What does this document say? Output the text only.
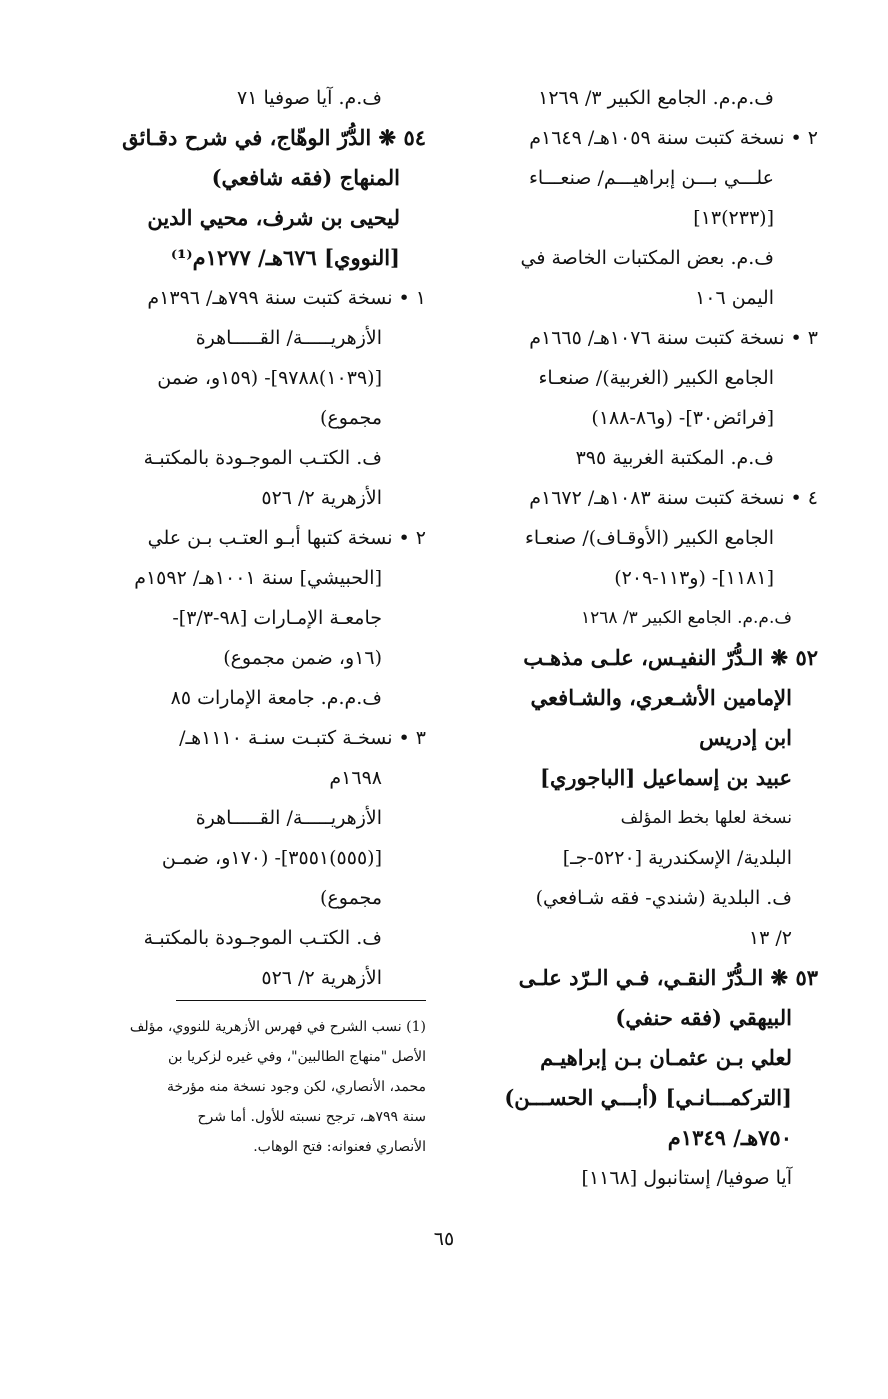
ف.م.م. الجامع الكبير ٣/ ١٢٦٩
٢ • نسخة كتبت سنة ١٠٥٩هـ/ ١٦٤٩م
علـــي بـــن إبراهيـــم/ صنعـــاء
[(٢٣٣)١٣]
ف.م. بعض المكتبات الخاصة في
اليمن ١٠٦
٣ • نسخة كتبت سنة ١٠٧٦هـ/ ١٦٦٥م
الجامع الكبير (الغربية)/ صنعـاء
[فرائض٣٠]- (و٨٦-١٨٨)
ف.م. المكتبة الغربية ٣٩٥
٤ • نسخة كتبت سنة ١٠٨٣هـ/ ١٦٧٢م
الجامع الكبير (الأوقـاف)/ صنعـاء
[١١٨١]- (و١١٣-٢٠٩)
ف.م.م. الجامع الكبير ٣/ ١٢٦٨
٥٢ ❋ الـدُّرّ النفيـس، علـى مذهـب
الإمامين الأشـعري، والشـافعي
ابن إدريس
عبيد بن إسماعيل [الباجوري]
نسخة لعلها بخط المؤلف
البلدية/ الإسكندرية [٥٢٢٠-جـ]
ف. البلدية (شندي- فقه شـافعي)
٢/ ١٣
٥٣ ❋ الـدُّرّ النقـي، فـي الـرّد علـى
البيهقي (فقه حنفي)
لعلي بـن عثمـان بـن إبراهيـم
[التركمـــانـي] (أبـــي الحســـن)
٧٥٠هـ/ ١٣٤٩م
آيا صوفيا/ إستانبول [١١٦٨]
ف.م. آيا صوفيا ٧١
٥٤ ❋ الدُّرّ الوهّاج، في شرح دقـائق
المنهاج (فقه شافعي)
ليحيى بن شرف، محيي الدين
[النووي] ٦٧٦هـ/ ١٢٧٧م⁽¹⁾
١ • نسخة كتبت سنة ٧٩٩هـ/ ١٣٩٦م
الأزهريـــــة/ القـــــاهرة
[(١٠٣٩)٩٧٨٨]- (١٥٩و، ضمن
مجموع)
ف. الكتـب الموجـودة بالمكتبـة
الأزهرية ٢/ ٥٢٦
٢ • نسخة كتبها أبـو العتـب بـن علي
[الحبيشي] سنة ١٠٠١هـ/ ١٥٩٢م
جامعـة الإمـارات [٩٨-٣/٣]-
(١٦و، ضمن مجموع)
ف.م.م. جامعة الإمارات ٨٥
٣ • نسخـة كتبـت سنـة ١١١٠هـ/
١٦٩٨م
الأزهريـــــة/ القـــــاهرة
[(٥٥٥)٣٥٥١]- (١٧٠و، ضمـن
مجموع)
ف. الكتـب الموجـودة بالمكتبـة
الأزهرية ٢/ ٥٢٦
(1) نسب الشرح في فهرس الأزهرية للنووي، مؤلف
الأصل "منهاج الطالبين"، وفي غيره لزكريا بن
محمد، الأنصاري، لكن وجود نسخة منه مؤرخة
سنة ٧٩٩هـ، ترجح نسبته للأول. أما شرح
الأنصاري فعنوانه: فتح الوهاب.
٦٥
